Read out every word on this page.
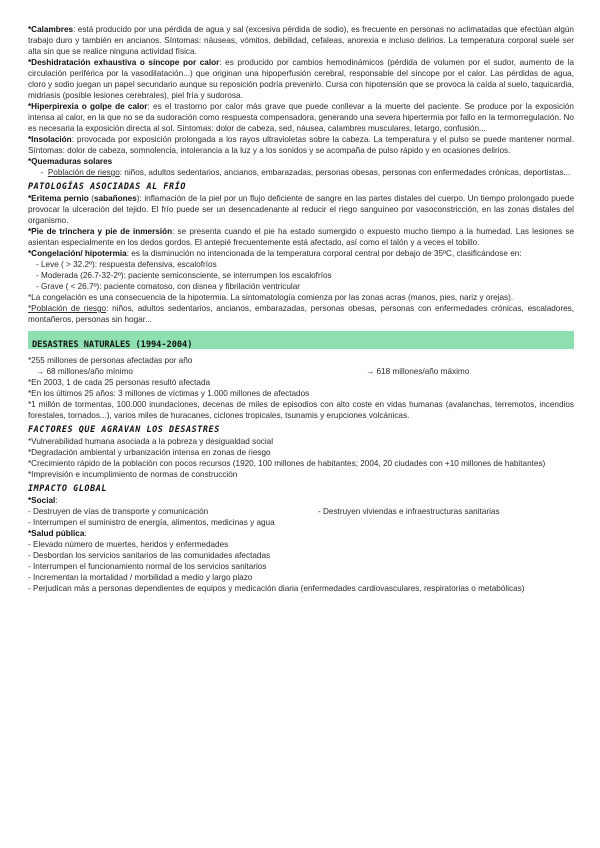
*Calambres: está producido por una pérdida de agua y sal (excesiva pérdida de sodio), es frecuente en personas no aclimatadas que efectúan algún trabajo duro y también en ancianos. Síntomas: náuseas, vómitos, debilidad, cefaleas, anorexia e incluso delirios. La temperatura corporal suele ser alta sin que se realice ninguna actividad física.

*Deshidratación exhaustiva o síncope por calor: es producido por cambios hemodinámicos (pérdida de volumen por el sudor, aumento de la circulación periférica por la vasodilatación...) que originan una hipoperfusión cerebral, responsable del síncope por el calor. Las pérdidas de agua, cloro y sodio juegan un papel secundario aunque su reposición podría prevenirlo. Cursa con hipotensión que se provoca la caída al suelo, taquicardia, midriasis (posible lesiones cerebrales), piel fría y sudorosa.

*Hiperpirexia o golpe de calor: es el trastorno por calor más grave que puede conllevar a la muerte del paciente. Se produce por la exposición intensa al calor, en la que no se da sudoración como respuesta compensadora, generando una severa hipertermia por fallo en la termorregulación. No es necesaria la exposición directa al sol. Síntomas: dolor de cabeza, sed, náusea, calambres musculares, letargo, confusión...

*Insolación: provocada por exposición prolongada a los rayos ultravioletas sobre la cabeza. La temperatura y el pulso se puede mantener normal. Síntomas: dolor de cabeza, somnolencia, intolerancia a la luz y a los sonidos y se acompaña de pulso rápido y en ocasiones delirios.

*Quemaduras solares

-  Población de riesgo: niños, adultos sedentarios, ancianos, embarazadas, personas obesas, personas con enfermedades crónicas, deportistas...

PATOLOGÍAS ASOCIADAS AL FRÍO

*Eritema pernio (sabañones): inflamación de la piel por un flujo deficiente de sangre en las partes distales del cuerpo. Un tiempo prolongado puede provocar la ulceración del tejido. El frío puede ser un desencadenante al reducir el riego sanguíneo por vasoconstricción, en las zonas distales del organismo.

*Pie de trinchera y pie de inmersión: se presenta cuando el pie ha estado sumergido o expuesto mucho tiempo a la humedad. Las lesiones se asientan especialmente en los dedos gordos. El antepié frecuentemente está afectado, así como el talón y a veces el tobillo.

*Congelación/ hipotermia: es la disminución no intencionada de la temperatura corporal central por debajo de 35ºC, clasificándose en:

- Leve ( > 32.2º): respuesta defensiva, escalofríos

- Moderada (26.7-32-2º): paciente semiconsciente, se interrumpen los escalofríos

- Grave ( < 26.7º): paciente comatoso, con disnea y fibrilación ventricular

*La congelación es una consecuencia de la hipotermia. La sintomatología comienza por las zonas acras (manos, pies, nariz y orejas).

*Población de riesgo: niños, adultos sedentarios, ancianos, embarazadas, personas obesas, personas con enfermedades crónicas, escaladores, montañeros, personas sin hogar...

DESASTRES NATURALES (1994-2004)

*255 millones de personas afectadas por año

→ 68 millones/año mínimo	→ 618 millones/año máximo

*En 2003, 1 de cada 25 personas resultó afectada

*En los últimos 25 años: 3 millones de víctimas y 1.000 millones de afectados

*1 millón de tormentas, 100.000 inundaciones, decenas de miles de episodios con alto coste en vidas humanas (avalanchas, terremotos, incendios forestales, tornados...), varios miles de huracanes, ciclones tropicales, tsunamis y erupciones volcánicas.

FACTORES QUE AGRAVAN LOS DESASTRES

*Vulnerabilidad humana asociada a la pobreza y desigualdad social

*Degradación ambiental y urbanización intensa en zonas de riesgo

*Crecimiento rápido de la población con pocos recursos (1920, 100 millones de habitantes; 2004, 20 ciudades con +10 millones de habitantes)

*Imprevisión e incumplimiento de normas de construcción

IMPACTO GLOBAL

*Social:

- Destruyen de vías de transporte y comunicación	- Destruyen viviendas e infraestructuras sanitarias

- Interrumpen el suministro de energía, alimentos, medicinas y agua

*Salud pública:

- Elevado número de muertes, heridos y enfermedades

- Desbordan los servicios sanitarios de las comunidades afectadas

- Interrumpen el funcionamiento normal de los servicios sanitarios

- Incrementan la mortalidad / morbilidad a medio y largo plazo

- Perjudican más a personas dependientes de equipos y medicación diaria (enfermedades cardiovasculares, respiratorias o metabólicas)
